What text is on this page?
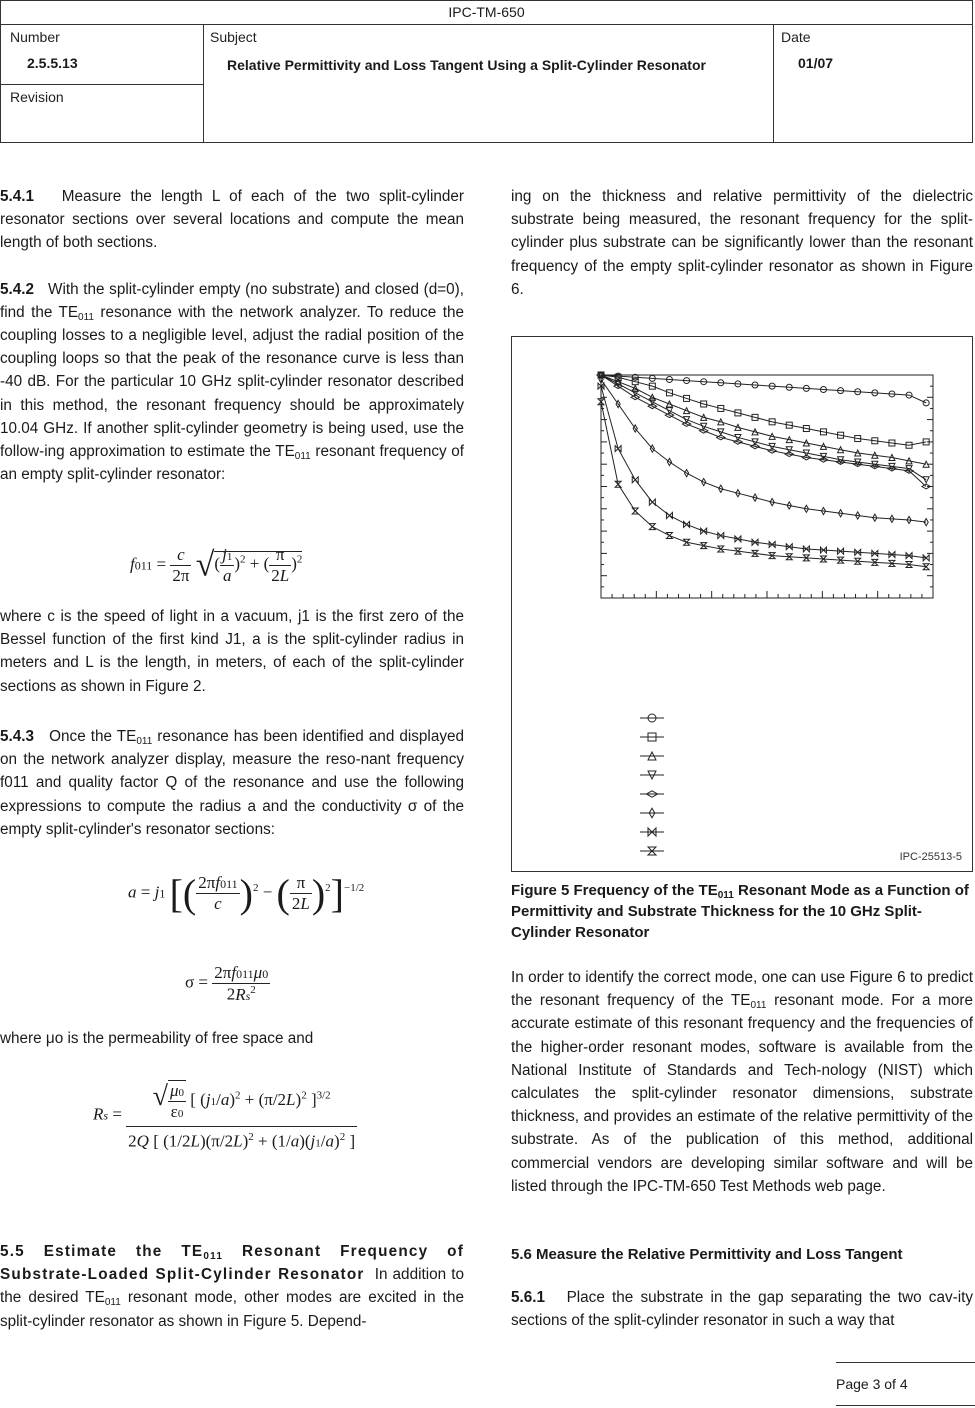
IPC-TM-650
Number
2.5.5.13
Revision
Subject
Relative Permittivity and Loss Tangent Using a Split-Cylinder Resonator
Date
01/07

5.4.1 Measure the length L of each of the two split-cylinder resonator sections over several locations and compute the mean length of both sections.

5.4.2 With the split-cylinder empty (no substrate) and closed (d=0), find the $TE_{011}$ resonance with the network analyzer. To reduce the coupling losses to a negligible level, adjust the radial position of the coupling loops so that the peak of the resonance curve is less than -40 dB. For the particular 10 GHz split-cylinder resonator described in this method, the resonant frequency should be approximately 10.04 GHz. If another split-cylinder geometry is being used, use the follow-ing approximation to estimate the $TE_{011}$ resonant frequency of an empty split-cylinder resonator:

$f011 = \frac{c}{2\pi}$ √( $\frac{j1}{a} )^2$ + ( $\frac{\pi}{2L} )^2$

where c is the speed of light in a vacuum, j1 is the first zero of the Bessel function of the first kind J1, a is the split-cylinder radius in meters and L is the length, in meters, of each of the split-cylinder sections as shown in Figure 2.

5.4.3 Once the $TE_{011}$ resonance has been identified and displayed on the network analyzer display, measure the reso-nant frequency f011 and quality factor Q of the resonance and use the following expressions to compute the radius a and the conductivity σ of the empty split-cylinder's resonator sections:

a = j1 [( $\frac{2\pi f011}{c} )^2$ − ( $\frac{\pi}{2L} )^2]^{-1/2}$
$\sigma = \frac{2\pi f011\mu 0}{2Rs^2}$

where μo is the permeability of free space and

$Rs = \frac{√ \frac{\mu 0}{\varepsilon 0} [ (j1/a)^2 + (\pi/2L)^2 ]^{3/2}}{2Q [ (1/2L)(\pi/2L)^2 + (1/a)(j1/a)^2 ]}$

5.5 Estimate the $TE_{011}$ Resonant Frequency of Substrate-Loaded Split-Cylinder Resonator In addition to the desired $TE_{011}$ resonant mode, other modes are excited in the split-cylinder resonator as shown in Figure 5. Depend-

ing on the thickness and relative permittivity of the dielectric substrate being measured, the resonant frequency for the split-cylinder plus substrate can be significantly lower than the resonant frequency of the empty split-cylinder resonator as shown in Figure 6.

IPC-25513-5
Figure 5 Frequency of the $TE_{011}$ Resonant Mode as a Function of Permittivity and Substrate Thickness for the 10 GHz Split-Cylinder Resonator

In order to identify the correct mode, one can use Figure 6 to predict the resonant frequency of the $TE_{011}$ resonant mode. For a more accurate estimate of this resonant frequency and the frequencies of the higher-order resonant modes, software is available from the National Institute of Standards and Tech-nology (NIST) which calculates the split-cylinder resonator dimensions, substrate thickness, and provides an estimate of the relative permittivity of the substrate. As of the publication of this method, additional commercial vendors are developing similar software and will be listed through the IPC-TM-650 Test Methods web page.

5.6 Measure the Relative Permittivity and Loss Tangent

5.6.1 Place the substrate in the gap separating the two cav-ity sections of the split-cylinder resonator in such a way that

Page 3 of 4
